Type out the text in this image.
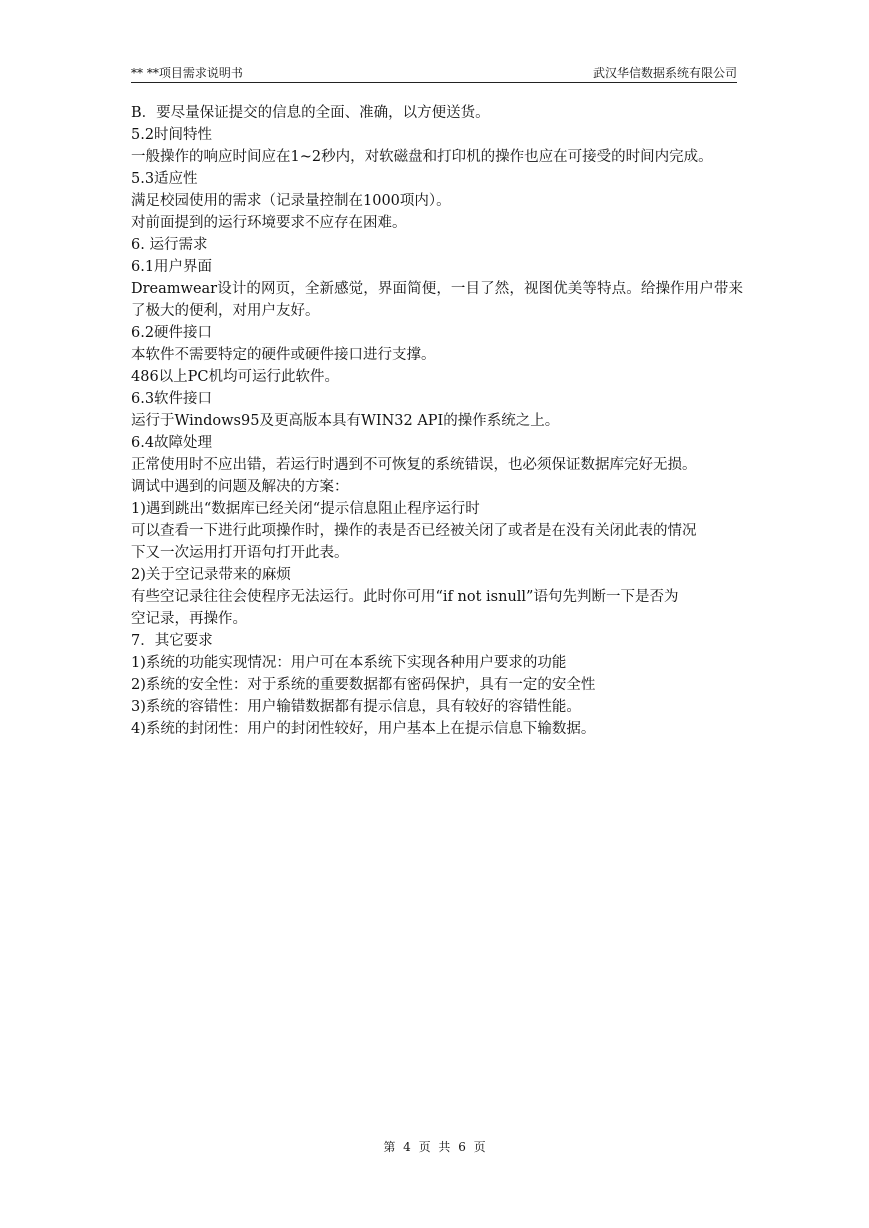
** **项目需求说明书	武汉华信数据系统有限公司

B．要尽量保证提交的信息的全面、准确，以方便送货。

5.2时间特性

一般操作的响应时间应在1~2秒内，对软磁盘和打印机的操作也应在可接受的时间内完成。

5.3适应性

满足校园使用的需求（记录量控制在1000项内）。

对前面提到的运行环境要求不应存在困难。

6. 运行需求

6.1用户界面

Dreamwear设计的网页，全新感觉，界面简便，一目了然，视图优美等特点。给操作用户带来了极大的便利，对用户友好。

6.2硬件接口

本软件不需要特定的硬件或硬件接口进行支撑。

486以上PC机均可运行此软件。

6.3软件接口

运行于Windows95及更高版本具有WIN32 API的操作系统之上。

6.4故障处理

正常使用时不应出错，若运行时遇到不可恢复的系统错误，也必须保证数据库完好无损。

调试中遇到的问题及解决的方案：

1)遇到跳出“数据库已经关闭“提示信息阻止程序运行时

可以查看一下进行此项操作时，操作的表是否已经被关闭了或者是在没有关闭此表的情况

下又一次运用打开语句打开此表。

2)关于空记录带来的麻烦

有些空记录往往会使程序无法运行。此时你可用“if not isnull”语句先判断一下是否为

空记录，再操作。

7．其它要求

1)系统的功能实现情况：用户可在本系统下实现各种用户要求的功能

2)系统的安全性：对于系统的重要数据都有密码保护，具有一定的安全性

3)系统的容错性：用户输错数据都有提示信息，具有较好的容错性能。

4)系统的封闭性：用户的封闭性较好，用户基本上在提示信息下输数据。

第 4 页 共 6 页
